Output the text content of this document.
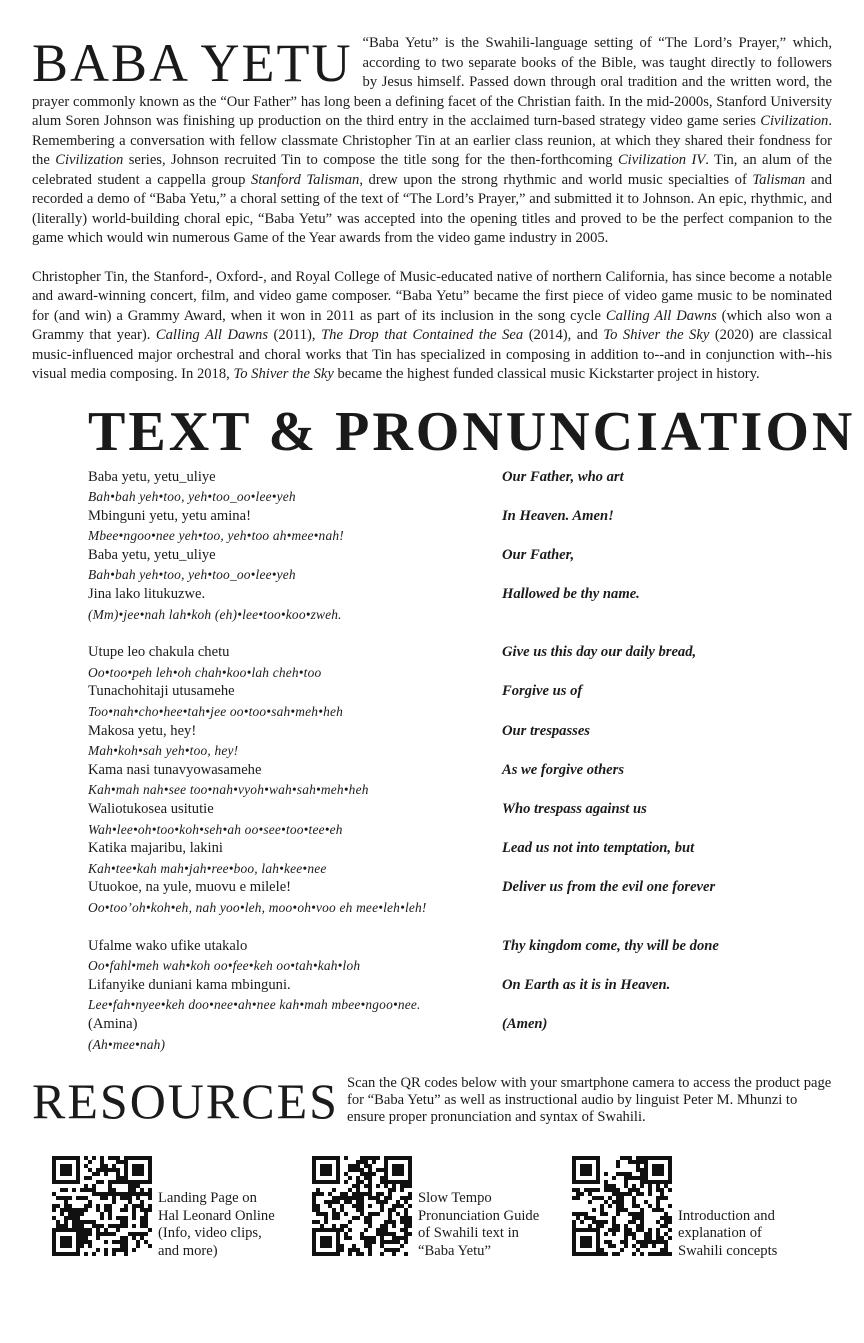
BABA YETU “Baba Yetu” is the Swahili-language setting of “The Lord’s Prayer,” which, according to two separate books of the Bible, was taught directly to followers by Jesus himself. Passed down through oral tradition and the written word, the prayer commonly known as the “Our Father” has long been a defining facet of the Christian faith. In the mid-2000s, Stanford University alum Soren Johnson was finishing up production on the third entry in the acclaimed turn-based strategy video game series Civilization. Remembering a conversation with fellow classmate Christopher Tin at an earlier class reunion, at which they shared their fondness for the Civilization series, Johnson recruited Tin to compose the title song for the then-forthcoming Civilization IV. Tin, an alum of the celebrated student a cappella group Stanford Talisman, drew upon the strong rhythmic and world music specialties of Talisman and recorded a demo of “Baba Yetu,” a choral setting of the text of “The Lord’s Prayer,” and submitted it to Johnson. An epic, rhythmic, and (literally) world-building choral epic, “Baba Yetu” was accepted into the opening titles and proved to be the perfect companion to the game which would win numerous Game of the Year awards from the video game industry in 2005.

Christopher Tin, the Stanford-, Oxford-, and Royal College of Music-educated native of northern California, has since become a notable and award-winning concert, film, and video game composer. “Baba Yetu” became the first piece of video game music to be nominated for (and win) a Grammy Award, when it won in 2011 as part of its inclusion in the song cycle Calling All Dawns (which also won a Grammy that year). Calling All Dawns (2011), The Drop that Contained the Sea (2014), and To Shiver the Sky (2020) are classical music-influenced major orchestral and choral works that Tin has specialized in composing in addition to--and in conjunction with--his visual media composing. In 2018, To Shiver the Sky became the highest funded classical music Kickstarter project in history.

TEXT & PRONUNCIATION
Baba yetu, yetu_uliye
Bah•bah yeh•too, yeh•too_oo•lee•yeh
Our Father, who art
Mbinguni yetu, yetu amina!
Mbee•ngoo•nee yeh•too, yeh•too ah•mee•nah!
In Heaven. Amen!
Baba yetu, yetu_uliye
Bah•bah yeh•too, yeh•too_oo•lee•yeh
Our Father,
Jina lako litukuzwe.
(Mm)•jee•nah lah•koh (eh)•lee•too•koo•zweh.
Hallowed be thy name.
Utupe leo chakula chetu
Oo•too•peh leh•oh chah•koo•lah cheh•too
Give us this day our daily bread,
Tunachohitaji utusamehe
Too•nah•cho•hee•tah•jee oo•too•sah•meh•heh
Forgive us of
Makosa yetu, hey!
Mah•koh•sah yeh•too, hey!
Our trespasses
Kama nasi tunavyowasamehe
Kah•mah nah•see too•nah•vyoh•wah•sah•meh•heh
As we forgive others
Waliotukosea usitutie
Wah•lee•oh•too•koh•seh•ah oo•see•too•tee•eh
Who trespass against us
Katika majaribu, lakini
Kah•tee•kah mah•jah•ree•boo, lah•kee•nee
Lead us not into temptation, but
Utuokoe, na yule, muovu e milele!
Oo•too’oh•koh•eh, nah yoo•leh, moo•oh•voo eh mee•leh•leh!
Deliver us from the evil one forever
Ufalme wako ufike utakalo
Oo•fahl•meh wah•koh oo•fee•keh oo•tah•kah•loh
Thy kingdom come, thy will be done
Lifanyike duniani kama mbinguni.
Lee•fah•nyee•keh doo•nee•ah•nee kah•mah mbee•ngoo•nee.
On Earth as it is in Heaven.
(Amina)
(Ah•mee•nah)
(Amen)
RESOURCES Scan the QR codes below with your smartphone camera to access the product page for “Baba Yetu” as well as instructional audio by linguist Peter M. Mhunzi to ensure proper pronunciation and syntax of Swahili.
Landing Page on
Hal Leonard Online
(Info, video clips,
and more)
Slow Tempo
Pronunciation Guide
of Swahili text in
“Baba Yetu”
Introduction and
explanation of
Swahili concepts
